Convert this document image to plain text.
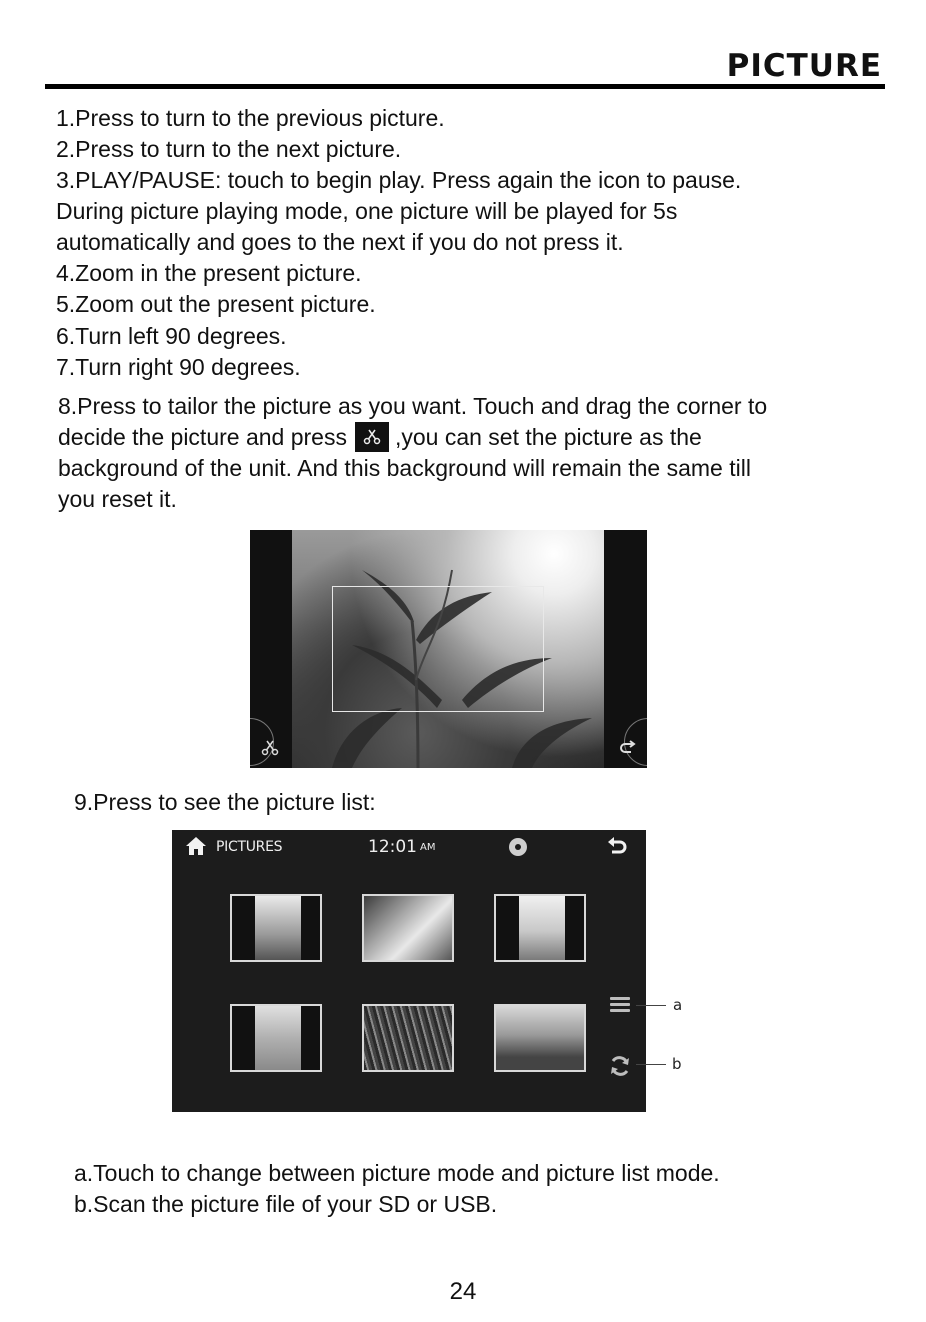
PICTURE
1.Press to turn to the previous picture.
2.Press to turn to the next picture.
3.PLAY/PAUSE: touch to begin play. Press again the icon to pause.
During picture playing mode, one picture will be played for 5s
automatically and goes to the next if you do not press it.
4.Zoom in the present picture.
5.Zoom out the present picture.
6.Turn left 90 degrees.
7.Turn right 90 degrees.
8.Press to tailor the picture as you want. Touch and drag the corner to
decide the picture and press ,you can set the picture as the
background of the unit. And this background will remain the same till
you reset it.
9.Press to see the picture list:
PICTURES	12:01 AM
a
b
a.Touch to change between picture mode and picture list mode.
b.Scan the picture file of your SD or USB.
24
